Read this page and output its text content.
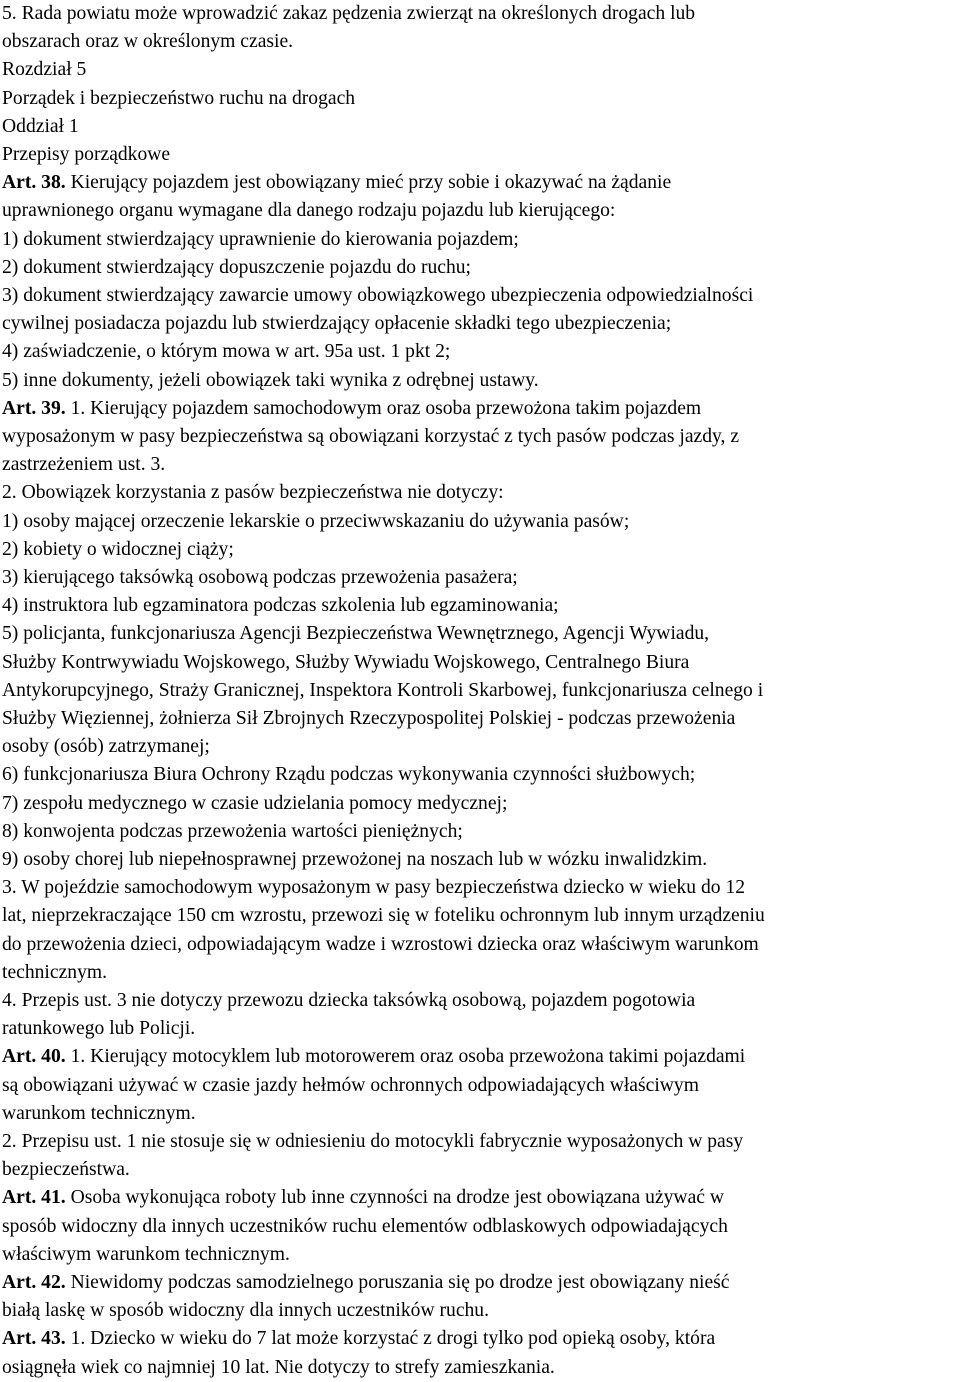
5. Rada powiatu może wprowadzić zakaz pędzenia zwierząt na określonych drogach lub

obszarach oraz w określonym czasie.

Rozdział 5

Porządek i bezpieczeństwo ruchu na drogach

Oddział 1

Przepisy porządkowe

Art. 38. Kierujący pojazdem jest obowiązany mieć przy sobie i okazywać na żądanie

uprawnionego organu wymagane dla danego rodzaju pojazdu lub kierującego:

1) dokument stwierdzający uprawnienie do kierowania pojazdem;

2) dokument stwierdzający dopuszczenie pojazdu do ruchu;

3) dokument stwierdzający zawarcie umowy obowiązkowego ubezpieczenia odpowiedzialności

cywilnej posiadacza pojazdu lub stwierdzający opłacenie składki tego ubezpieczenia;

4) zaświadczenie, o którym mowa w art. 95a ust. 1 pkt 2;

5) inne dokumenty, jeżeli obowiązek taki wynika z odrębnej ustawy.

Art. 39. 1. Kierujący pojazdem samochodowym oraz osoba przewożona takim pojazdem

wyposażonym w pasy bezpieczeństwa są obowiązani korzystać z tych pasów podczas jazdy, z

zastrzeżeniem ust. 3.

2. Obowiązek korzystania z pasów bezpieczeństwa nie dotyczy:

1) osoby mającej orzeczenie lekarskie o przeciwwskazaniu do używania pasów;

2) kobiety o widocznej ciąży;

3) kierującego taksówką osobową podczas przewożenia pasażera;

4) instruktora lub egzaminatora podczas szkolenia lub egzaminowania;

5) policjanta, funkcjonariusza Agencji Bezpieczeństwa Wewnętrznego, Agencji Wywiadu,

Służby Kontrwywiadu Wojskowego, Służby Wywiadu Wojskowego, Centralnego Biura

Antykorupcyjnego, Straży Granicznej, Inspektora Kontroli Skarbowej, funkcjonariusza celnego i

Służby Więziennej, żołnierza Sił Zbrojnych Rzeczypospolitej Polskiej - podczas przewożenia

osoby (osób) zatrzymanej;

6) funkcjonariusza Biura Ochrony Rządu podczas wykonywania czynności służbowych;

7) zespołu medycznego w czasie udzielania pomocy medycznej;

8) konwojenta podczas przewożenia wartości pieniężnych;

9) osoby chorej lub niepełnosprawnej przewożonej na noszach lub w wózku inwalidzkim.

3. W pojeździe samochodowym wyposażonym w pasy bezpieczeństwa dziecko w wieku do 12

lat, nieprzekraczające 150 cm wzrostu, przewozi się w foteliku ochronnym lub innym urządzeniu

do przewożenia dzieci, odpowiadającym wadze i wzrostowi dziecka oraz właściwym warunkom

technicznym.

4. Przepis ust. 3 nie dotyczy przewozu dziecka taksówką osobową, pojazdem pogotowia

ratunkowego lub Policji.

Art. 40. 1. Kierujący motocyklem lub motorowerem oraz osoba przewożona takimi pojazdami

są obowiązani używać w czasie jazdy hełmów ochronnych odpowiadających właściwym

warunkom technicznym.

2. Przepisu ust. 1 nie stosuje się w odniesieniu do motocykli fabrycznie wyposażonych w pasy

bezpieczeństwa.

Art. 41. Osoba wykonująca roboty lub inne czynności na drodze jest obowiązana używać w

sposób widoczny dla innych uczestników ruchu elementów odblaskowych odpowiadających

właściwym warunkom technicznym.

Art. 42. Niewidomy podczas samodzielnego poruszania się po drodze jest obowiązany nieść

białą laskę w sposób widoczny dla innych uczestników ruchu.

Art. 43. 1. Dziecko w wieku do 7 lat może korzystać z drogi tylko pod opieką osoby, która

osiągnęła wiek co najmniej 10 lat. Nie dotyczy to strefy zamieszkania.
